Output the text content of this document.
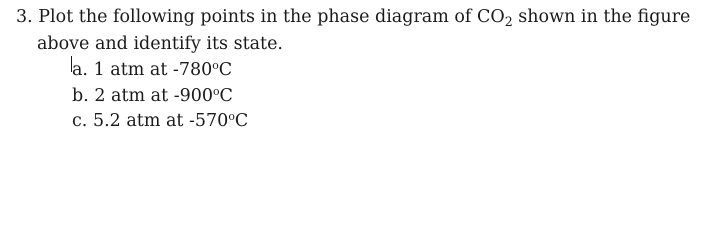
3. Plot the following points in the phase diagram of $CO_2$ shown in the figure
above and identify its state.
a. 1 atm at -780$^o$C
b. 2 atm at -900$^o$C
c. 5.2 atm at -570$^o$C
